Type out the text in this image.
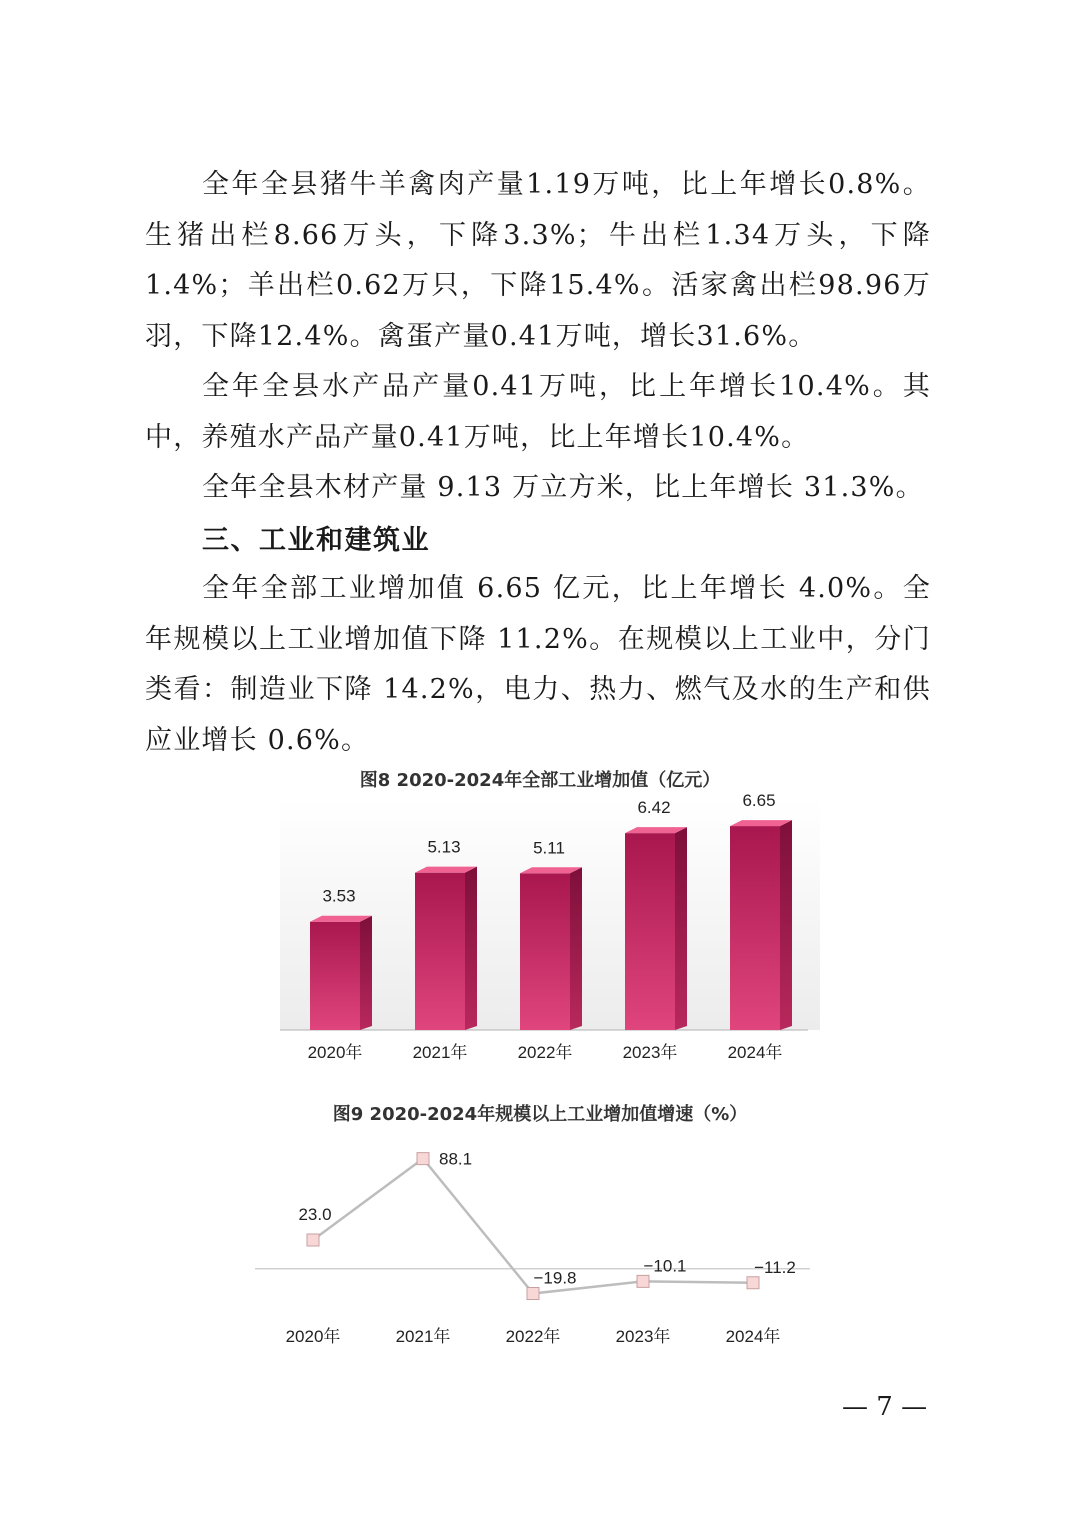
全年全县猪牛羊禽肉产量1.19万吨，比上年增长0.8%。生猪出栏8.66万头，下降3.3%；牛出栏1.34万头，下降1.4%；羊出栏0.62万只，下降15.4%。活家禽出栏98.96万羽，下降12.4%。禽蛋产量0.41万吨，增长31.6%。

全年全县水产品产量0.41万吨，比上年增长10.4%。其中，养殖水产品产量0.41万吨，比上年增长10.4%。

全年全县木材产量 9.13 万立方米，比上年增长 31.3%。

三、工业和建筑业

全年全部工业增加值 6.65 亿元，比上年增长 4.0%。全年规模以上工业增加值下降 11.2%。在规模以上工业中，分门类看：制造业下降 14.2%，电力、热力、燃气及水的生产和供应业增长 0.6%。

图8 2020-2024年全部工业增加值（亿元）

3.53
5.13	5.11
6.42	6.65
2020年	2021年	2022年	2023年	2024年

图9 2020-2024年规模以上工业增加值增速（%）

23.0
88.1
−19.8
−10.1	−11.2
2020年	2021年	2022年	2023年	2024年

— 7 —
